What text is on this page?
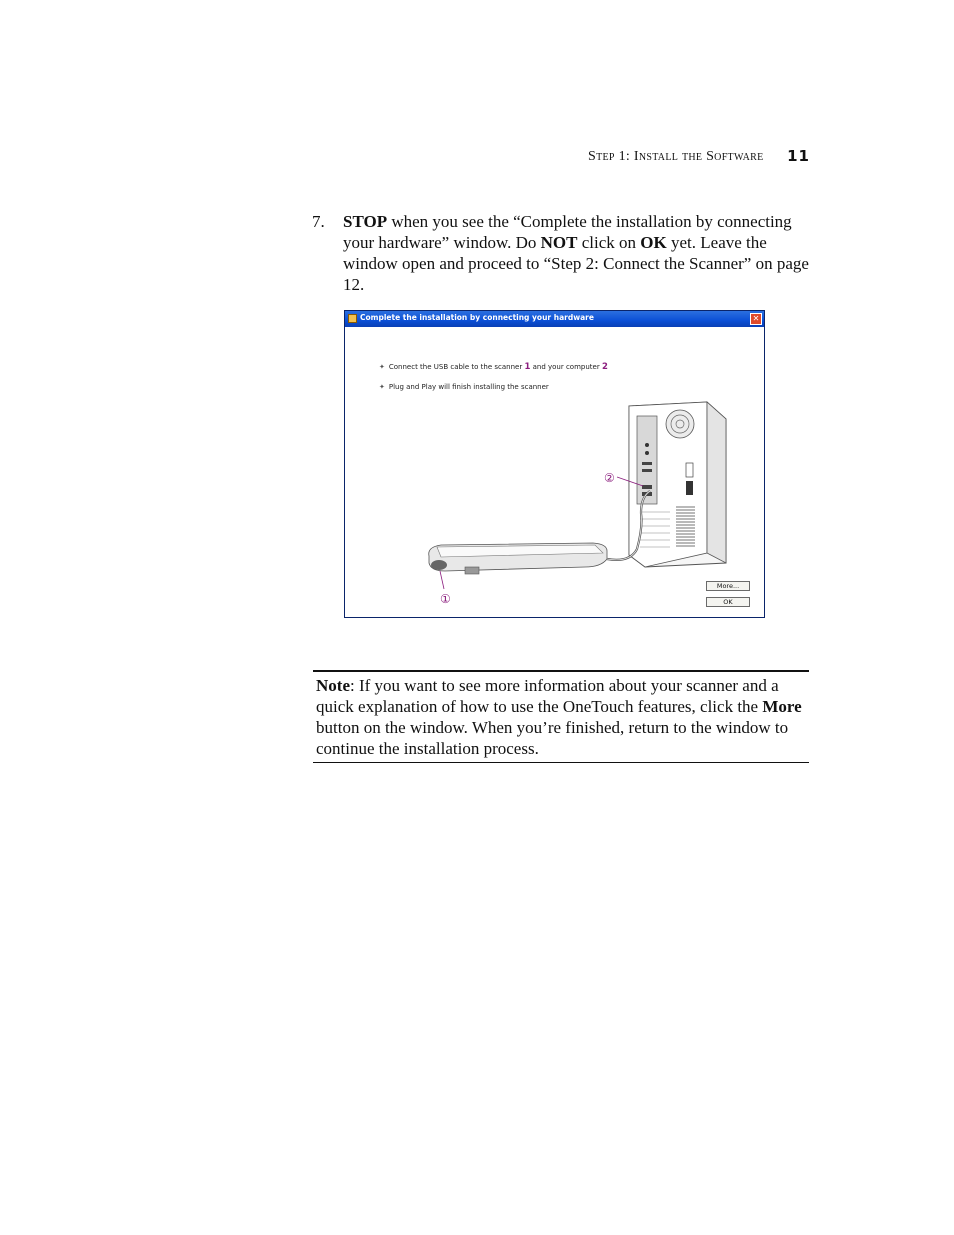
Step 1: Install the Software 11
7. STOP when you see the “Complete the installation by connecting your hardware” window. Do NOT click on OK yet. Leave the window open and proceed to “Step 2: Connect the Scanner” on page 12.
Complete the installation by connecting your hardware	✕
✦ Connect the USB cable to the scanner 1 and your computer 2
✦ Plug and Play will finish installing the scanner
①
②
More...
OK
Note: If you want to see more information about your scanner and a quick explanation of how to use the OneTouch features, click the More button on the window. When you’re finished, return to the window to continue the installation process.
